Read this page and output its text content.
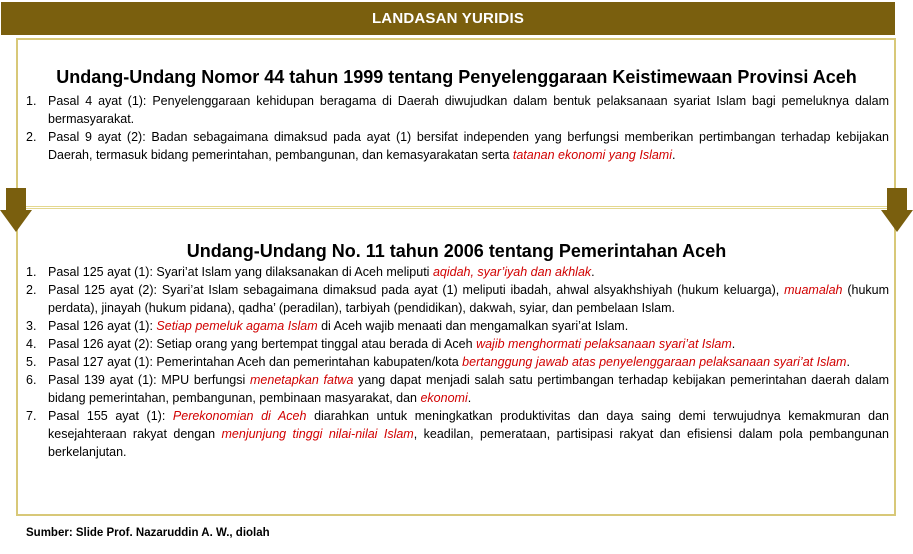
LANDASAN YURIDIS
Undang-Undang Nomor 44 tahun 1999 tentang Penyelenggaraan Keistimewaan Provinsi Aceh
1. Pasal 4 ayat (1): Penyelenggaraan kehidupan beragama di Daerah diwujudkan dalam bentuk pelaksanaan syariat Islam bagi pemeluknya dalam bermasyarakat.
2. Pasal 9 ayat (2): Badan sebagaimana dimaksud pada ayat (1) bersifat independen yang berfungsi memberikan pertimbangan terhadap kebijakan Daerah, termasuk bidang pemerintahan, pembangunan, dan kemasyarakatan serta tatanan ekonomi yang Islami.
Undang-Undang No. 11 tahun 2006 tentang Pemerintahan Aceh
1. Pasal 125 ayat (1): Syari’at Islam yang dilaksanakan di Aceh meliputi aqidah, syar’iyah dan akhlak.
2. Pasal 125 ayat (2): Syari’at Islam sebagaimana dimaksud pada ayat (1) meliputi ibadah, ahwal alsyakhshiyah (hukum keluarga), muamalah (hukum perdata), jinayah (hukum pidana), qadha’ (peradilan), tarbiyah (pendidikan), dakwah, syiar, dan pembelaan Islam.
3. Pasal 126 ayat (1): Setiap pemeluk agama Islam di Aceh wajib menaati dan mengamalkan syari’at Islam.
4. Pasal 126 ayat (2): Setiap orang yang bertempat tinggal atau berada di Aceh wajib menghormati pelaksanaan syari’at Islam.
5. Pasal 127 ayat (1): Pemerintahan Aceh dan pemerintahan kabupaten/kota bertanggung jawab atas penyelenggaraan pelaksanaan syari’at Islam.
6. Pasal 139 ayat (1): MPU berfungsi menetapkan fatwa yang dapat menjadi salah satu pertimbangan terhadap kebijakan pemerintahan daerah dalam bidang pemerintahan, pembangunan, pembinaan masyarakat, dan ekonomi.
7. Pasal 155 ayat (1): Perekonomian di Aceh diarahkan untuk meningkatkan produktivitas dan daya saing demi terwujudnya kemakmuran dan kesejahteraan rakyat dengan menjunjung tinggi nilai-nilai Islam, keadilan, pemerataan, partisipasi rakyat dan efisiensi dalam pola pembangunan berkelanjutan.
Sumber: Slide Prof. Nazaruddin A. W., diolah
